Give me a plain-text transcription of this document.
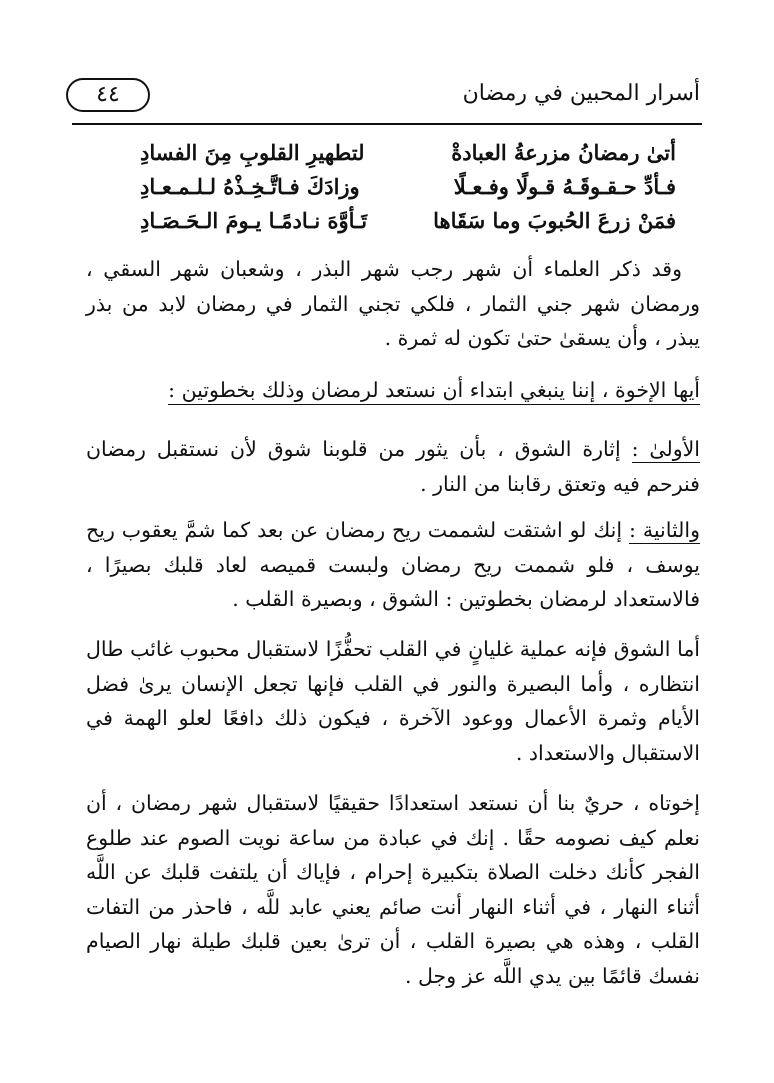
أسرار المحبين في رمضان
٤٤
أتىٰ رمضانُ مزرعةُ العبادةْ
لتطهيرِ القلوبِ مِنَ الفسادِ
فـأدِّ حـقـوقَـهُ قـولًا وفـعـلًا
وزادَكَ فـاتَّـخِـذْهُ لـلـمـعـادِ
فمَنْ زرعَ الحُبوبَ وما سَقَاها
تَـأوَّهَ نـادمًـا يـومَ الـحَـصَـادِ
وقد ذكر العلماء أن شهر رجب شهر البذر ، وشعبان شهر السقي ، ورمضان شهر جني الثمار ، فلكي تجني الثمار في رمضان لابد من بذر يبذر ، وأن يسقىٰ حتىٰ تكون له ثمرة .
أيها الإخوة ، إننا ينبغي ابتداء أن نستعد لرمضان وذلك بخطوتين :
الأولىٰ : إثارة الشوق ، بأن يثور من قلوبنا شوق لأن نستقبل رمضان فنرحم فيه وتعتق رقابنا من النار .
والثانية : إنك لو اشتقت لشممت ريح رمضان عن بعد كما شمَّ يعقوب ريح يوسف ، فلو شممت ريح رمضان ولبست قميصه لعاد قلبك بصيرًا ، فالاستعداد لرمضان بخطوتين : الشوق ، وبصيرة القلب .
أما الشوق فإنه عملية غليانٍ في القلب تحفُّزًا لاستقبال محبوب غائب طال انتظاره ، وأما البصيرة والنور في القلب فإنها تجعل الإنسان يرىٰ فضل الأيام وثمرة الأعمال ووعود الآخرة ، فيكون ذلك دافعًا لعلو الهمة في الاستقبال والاستعداد .
إخوتاه ، حريٌ بنا أن نستعد استعدادًا حقيقيًا لاستقبال شهر رمضان ، أن نعلم كيف نصومه حقًا . إنك في عبادة من ساعة نويت الصوم عند طلوع الفجر كأنك دخلت الصلاة بتكبيرة إحرام ، فإياك أن يلتفت قلبك عن اللَّه أثناء النهار ، في أثناء النهار أنت صائم يعني عابد للَّه ، فاحذر من التفات القلب ، وهذه هي بصيرة القلب ، أن ترىٰ بعين قلبك طيلة نهار الصيام نفسك قائمًا بين يدي اللَّه عز وجل .
